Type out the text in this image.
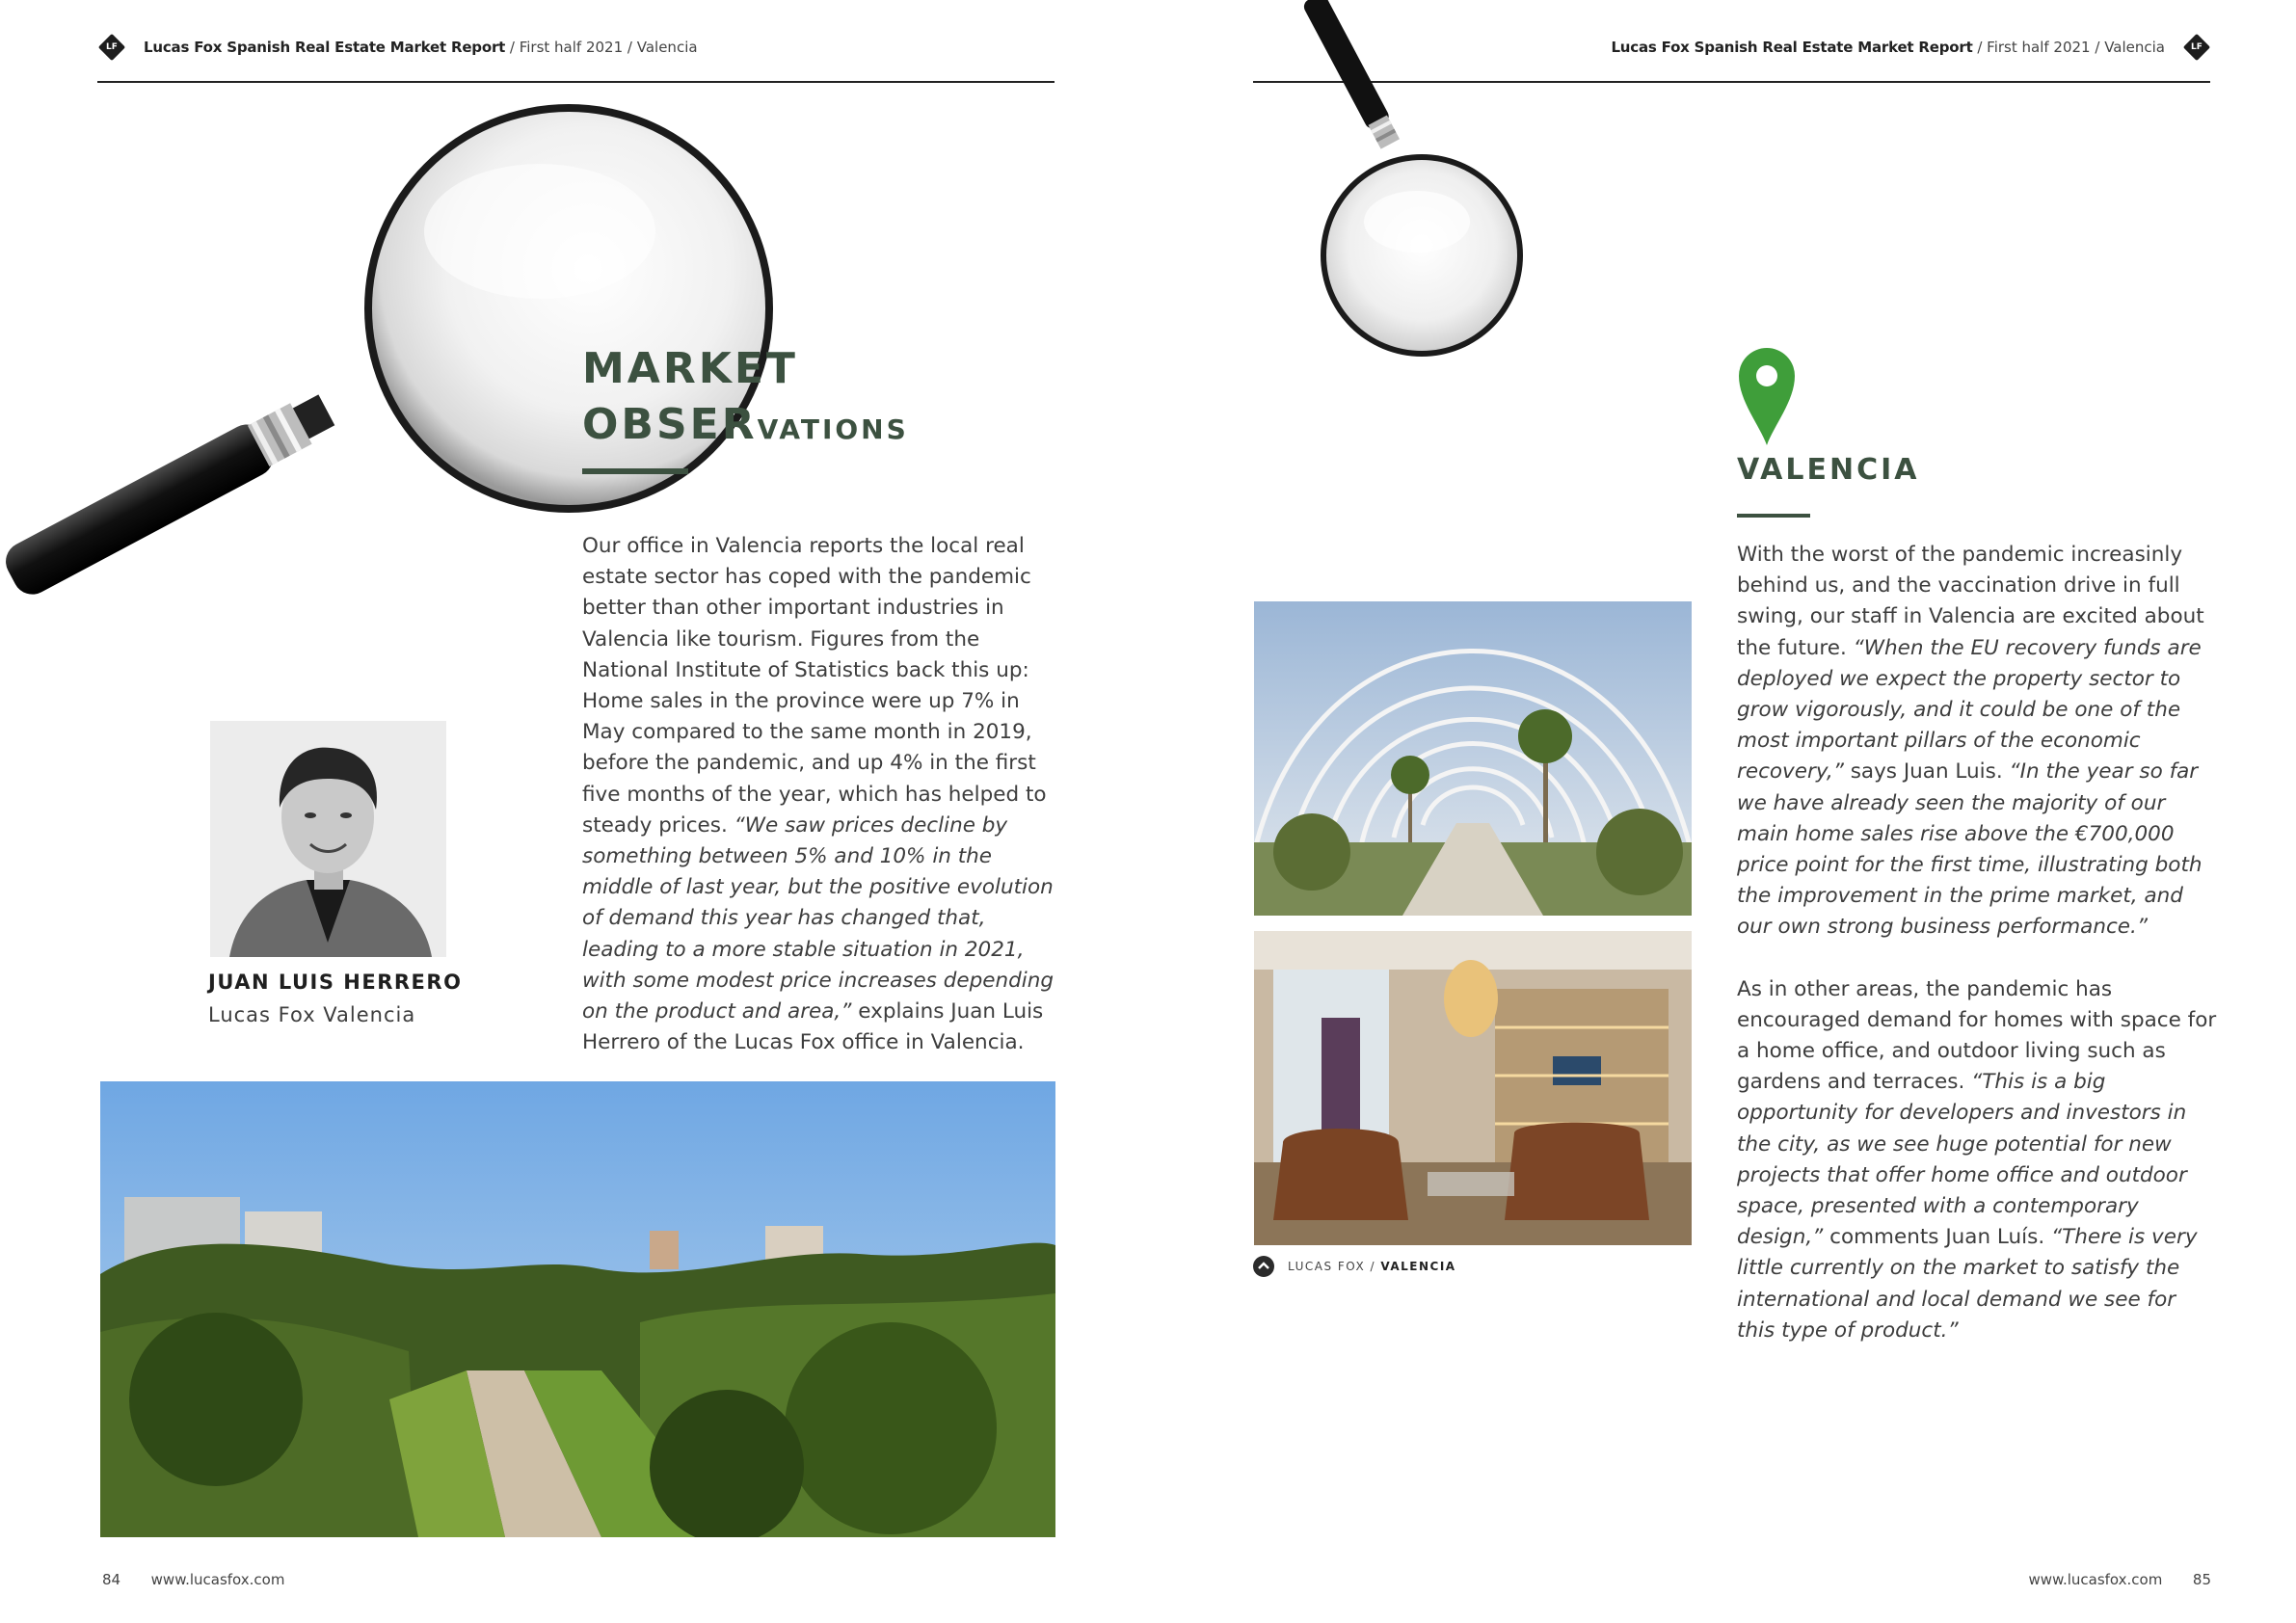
LF	Lucas Fox Spanish Real Estate Market Report / First half 2021 / Valencia	Lucas Fox Spanish Real Estate Market Report / First half 2021 / Valencia	LF
MARKET
OBSERVATIONS
Our office in Valencia reports the local real estate sector has coped with the pandemic better than other important industries in Valencia like tourism. Figures from the National Institute of Statistics back this up: Home sales in the province were up 7% in May compared to the same month in 2019, before the pandemic, and up 4% in the first five months of the year, which has helped to steady prices. “We saw prices decline by something between 5% and 10% in the middle of last year, but the positive evolution of demand this year has changed that, leading to a more stable situation in 2021, with some modest price increases depending on the product and area,” explains Juan Luis Herrero of the Lucas Fox office in Valencia.
JUAN LUIS HERRERO
Lucas Fox Valencia
84 www.lucasfox.com
VALENCIA
With the worst of the pandemic increasinly behind us, and the vaccination drive in full swing, our staff in Valencia are excited about the future. “When the EU recovery funds are deployed we expect the property sector to grow vigorously, and it could be one of the most important pillars of the economic recovery,” says Juan Luis. “In the year so far we have already seen the majority of our main home sales rise above the €700,000 price point for the first time, illustrating both the improvement in the prime market, and our own strong business performance.”
As in other areas, the pandemic has encouraged demand for homes with space for a home office, and outdoor living such as gardens and terraces. “This is a big opportunity for developers and investors in the city, as we see huge potential for new projects that offer home office and outdoor space, presented with a contemporary design,” comments Juan Luís. “There is very little currently on the market to satisfy the international and local demand we see for this type of product.”
LUCAS FOX / VALENCIA
www.lucasfox.com 85
